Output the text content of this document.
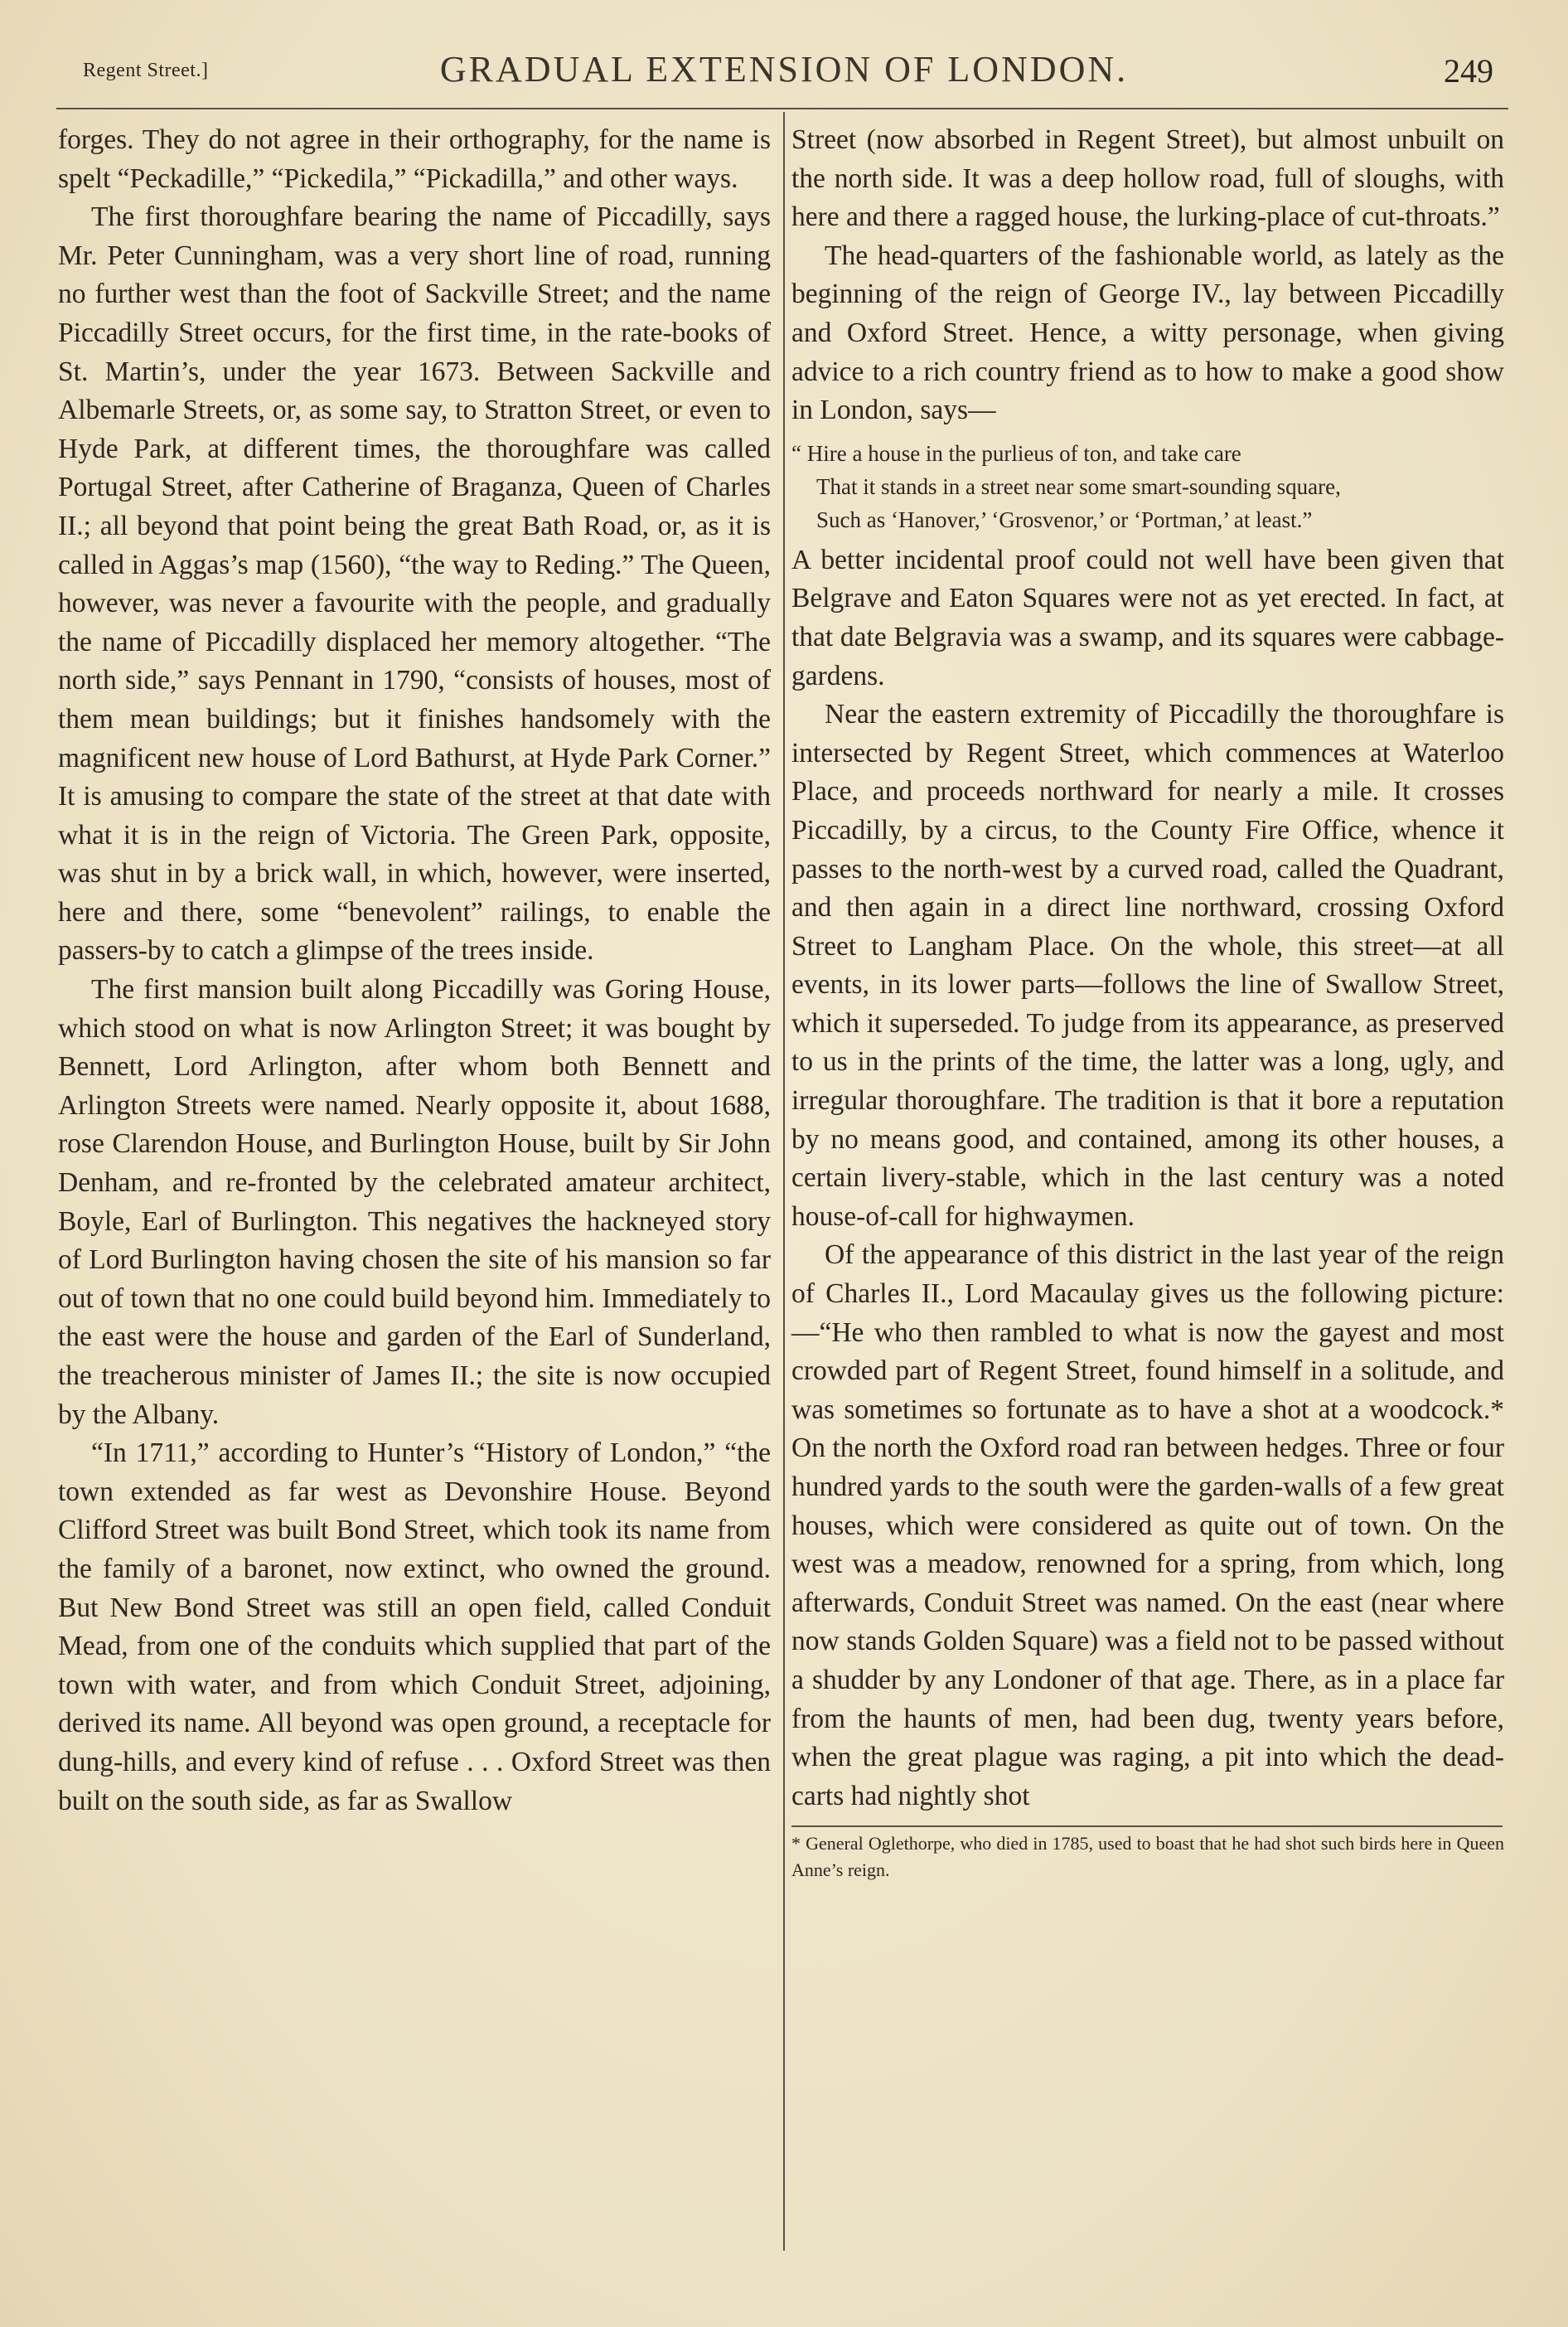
Regent Street.]	GRADUAL EXTENSION OF LONDON.	249

forges. They do not agree in their orthography, for the name is spelt “Peckadille,” “Pickedila,” “Pickadilla,” and other ways.

The first thoroughfare bearing the name of Piccadilly, says Mr. Peter Cunningham, was a very short line of road, running no further west than the foot of Sackville Street; and the name Piccadilly Street occurs, for the first time, in the rate-books of St. Martin’s, under the year 1673. Between Sackville and Albemarle Streets, or, as some say, to Stratton Street, or even to Hyde Park, at different times, the thoroughfare was called Portugal Street, after Catherine of Braganza, Queen of Charles II.; all beyond that point being the great Bath Road, or, as it is called in Aggas’s map (1560), “the way to Reding.” The Queen, however, was never a favourite with the people, and gradually the name of Piccadilly displaced her memory altogether. “The north side,” says Pennant in 1790, “consists of houses, most of them mean buildings; but it finishes handsomely with the magnificent new house of Lord Bathurst, at Hyde Park Corner.” It is amusing to compare the state of the street at that date with what it is in the reign of Victoria. The Green Park, opposite, was shut in by a brick wall, in which, however, were inserted, here and there, some “benevolent” railings, to enable the passers-by to catch a glimpse of the trees inside.

The first mansion built along Piccadilly was Goring House, which stood on what is now Arlington Street; it was bought by Bennett, Lord Arlington, after whom both Bennett and Arlington Streets were named. Nearly opposite it, about 1688, rose Clarendon House, and Burlington House, built by Sir John Denham, and re-fronted by the celebrated amateur architect, Boyle, Earl of Burlington. This negatives the hackneyed story of Lord Burlington having chosen the site of his mansion so far out of town that no one could build beyond him. Immediately to the east were the house and garden of the Earl of Sunderland, the treacherous minister of James II.; the site is now occupied by the Albany.

“In 1711,” according to Hunter’s “History of London,” “the town extended as far west as Devonshire House. Beyond Clifford Street was built Bond Street, which took its name from the family of a baronet, now extinct, who owned the ground. But New Bond Street was still an open field, called Conduit Mead, from one of the conduits which supplied that part of the town with water, and from which Conduit Street, adjoining, derived its name. All beyond was open ground, a receptacle for dung-hills, and every kind of refuse . . . Oxford Street was then built on the south side, as far as Swallow

Street (now absorbed in Regent Street), but almost unbuilt on the north side. It was a deep hollow road, full of sloughs, with here and there a ragged house, the lurking-place of cut-throats.”

The head-quarters of the fashionable world, as lately as the beginning of the reign of George IV., lay between Piccadilly and Oxford Street. Hence, a witty personage, when giving advice to a rich country friend as to how to make a good show in London, says—

“ Hire a house in the purlieus of ton, and take care
That it stands in a street near some smart-sounding square,
Such as ‘Hanover,’ ‘Grosvenor,’ or ‘Portman,’ at least.”

A better incidental proof could not well have been given that Belgrave and Eaton Squares were not as yet erected. In fact, at that date Belgravia was a swamp, and its squares were cabbage-gardens.

Near the eastern extremity of Piccadilly the thoroughfare is intersected by Regent Street, which commences at Waterloo Place, and proceeds northward for nearly a mile. It crosses Piccadilly, by a circus, to the County Fire Office, whence it passes to the north-west by a curved road, called the Quadrant, and then again in a direct line northward, crossing Oxford Street to Langham Place. On the whole, this street—at all events, in its lower parts—follows the line of Swallow Street, which it superseded. To judge from its appearance, as preserved to us in the prints of the time, the latter was a long, ugly, and irregular thoroughfare. The tradition is that it bore a reputation by no means good, and contained, among its other houses, a certain livery-stable, which in the last century was a noted house-of-call for highwaymen.

Of the appearance of this district in the last year of the reign of Charles II., Lord Macaulay gives us the following picture:—“He who then rambled to what is now the gayest and most crowded part of Regent Street, found himself in a solitude, and was sometimes so fortunate as to have a shot at a woodcock.* On the north the Oxford road ran between hedges. Three or four hundred yards to the south were the garden-walls of a few great houses, which were considered as quite out of town. On the west was a meadow, renowned for a spring, from which, long afterwards, Conduit Street was named. On the east (near where now stands Golden Square) was a field not to be passed without a shudder by any Londoner of that age. There, as in a place far from the haunts of men, had been dug, twenty years before, when the great plague was raging, a pit into which the dead-carts had nightly shot

* General Oglethorpe, who died in 1785, used to boast that he had shot such birds here in Queen Anne’s reign.
